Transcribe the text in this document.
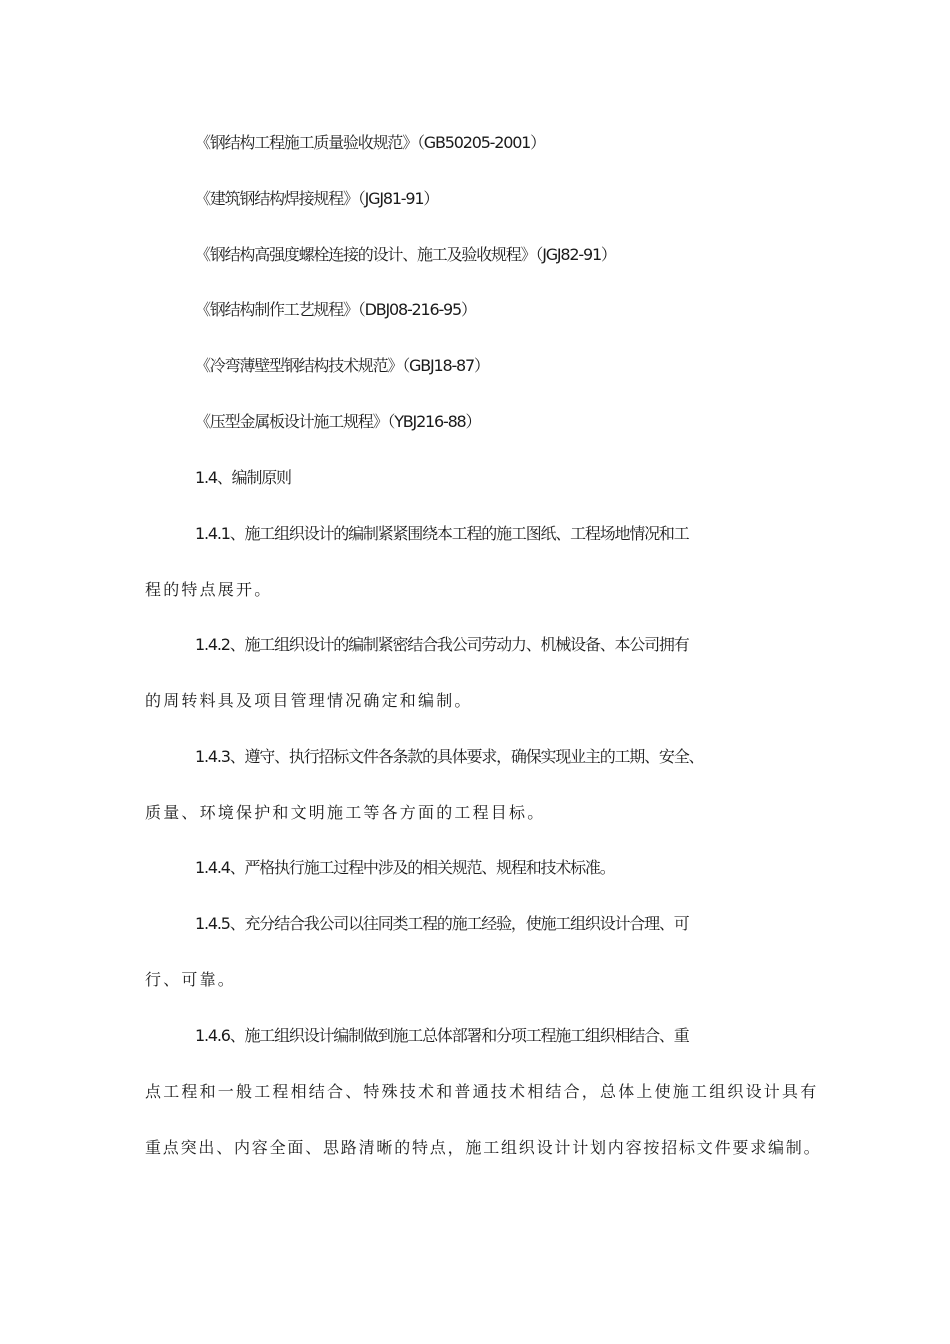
《钢结构工程施工质量验收规范》（GB50205-2001）
《建筑钢结构焊接规程》（JGJ81-91）
《钢结构高强度螺栓连接的设计、施工及验收规程》（JGJ82-91）
《钢结构制作工艺规程》（DBJ08-216-95）
《冷弯薄壁型钢结构技术规范》（GBJ18-87）
《压型金属板设计施工规程》（YBJ216-88）
1.4、编制原则
1.4.1、施工组织设计的编制紧紧围绕本工程的施工图纸、工程场地情况和工
程的特点展开。
1.4.2、施工组织设计的编制紧密结合我公司劳动力、机械设备、本公司拥有
的周转料具及项目管理情况确定和编制。
1.4.3、遵守、执行招标文件各条款的具体要求，确保实现业主的工期、安全、
质量、环境保护和文明施工等各方面的工程目标。
1.4.4、严格执行施工过程中涉及的相关规范、规程和技术标准。
1.4.5、充分结合我公司以往同类工程的施工经验，使施工组织设计合理、可
行、可靠。
1.4.6、施工组织设计编制做到施工总体部署和分项工程施工组织相结合、重
点工程和一般工程相结合、特殊技术和普通技术相结合，总体上使施工组织设计具有
重点突出、内容全面、思路清晰的特点，施工组织设计计划内容按招标文件要求编制。
